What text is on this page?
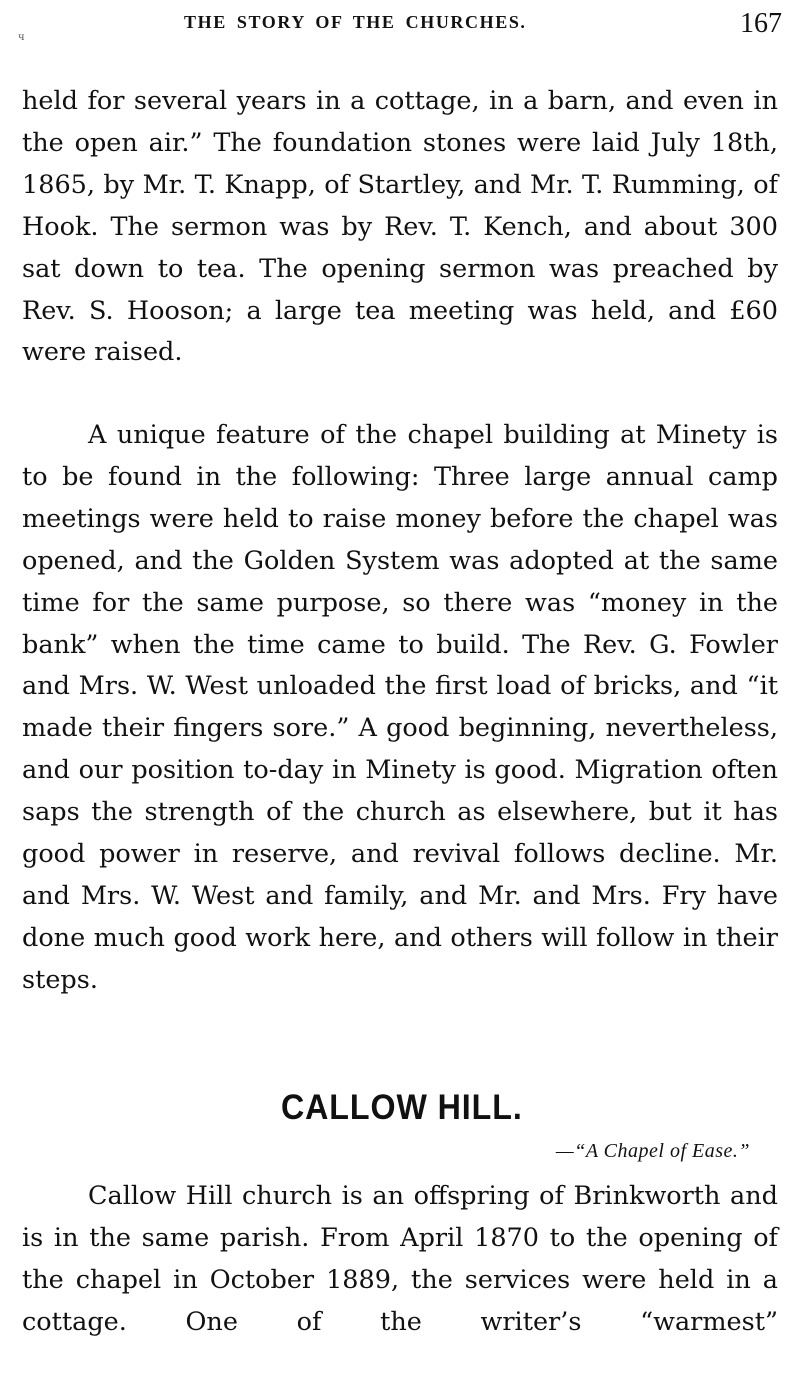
ч
THE STORY OF THE CHURCHES.	167

held for several years in a cottage, in a barn, and even in the open air.” The foundation stones were laid July 18th, 1865, by Mr. T. Knapp, of Startley, and Mr. T. Rumming, of Hook. The sermon was by Rev. T. Kench, and about 300 sat down to tea. The opening sermon was preached by Rev. S. Hooson; a large tea meeting was held, and £60 were raised.

A unique feature of the chapel building at Minety is to be found in the following: Three large annual camp meetings were held to raise money before the chapel was opened, and the Golden System was adopted at the same time for the same purpose, so there was “money in the bank” when the time came to build. The Rev. G. Fowler and Mrs. W. West unloaded the first load of bricks, and “it made their fingers sore.” A good beginning, nevertheless, and our position to-day in Minety is good. Migration often saps the strength of the church as elsewhere, but it has good power in reserve, and revival follows decline. Mr. and Mrs. W. West and family, and Mr. and Mrs. Fry have done much good work here, and others will follow in their steps.

CALLOW HILL.
—“A Chapel of Ease.”

Callow Hill church is an offspring of Brinkworth and is in the same parish. From April 1870 to the opening of the chapel in October 1889, the services were held in a cottage. One of the writer’s “warmest”
